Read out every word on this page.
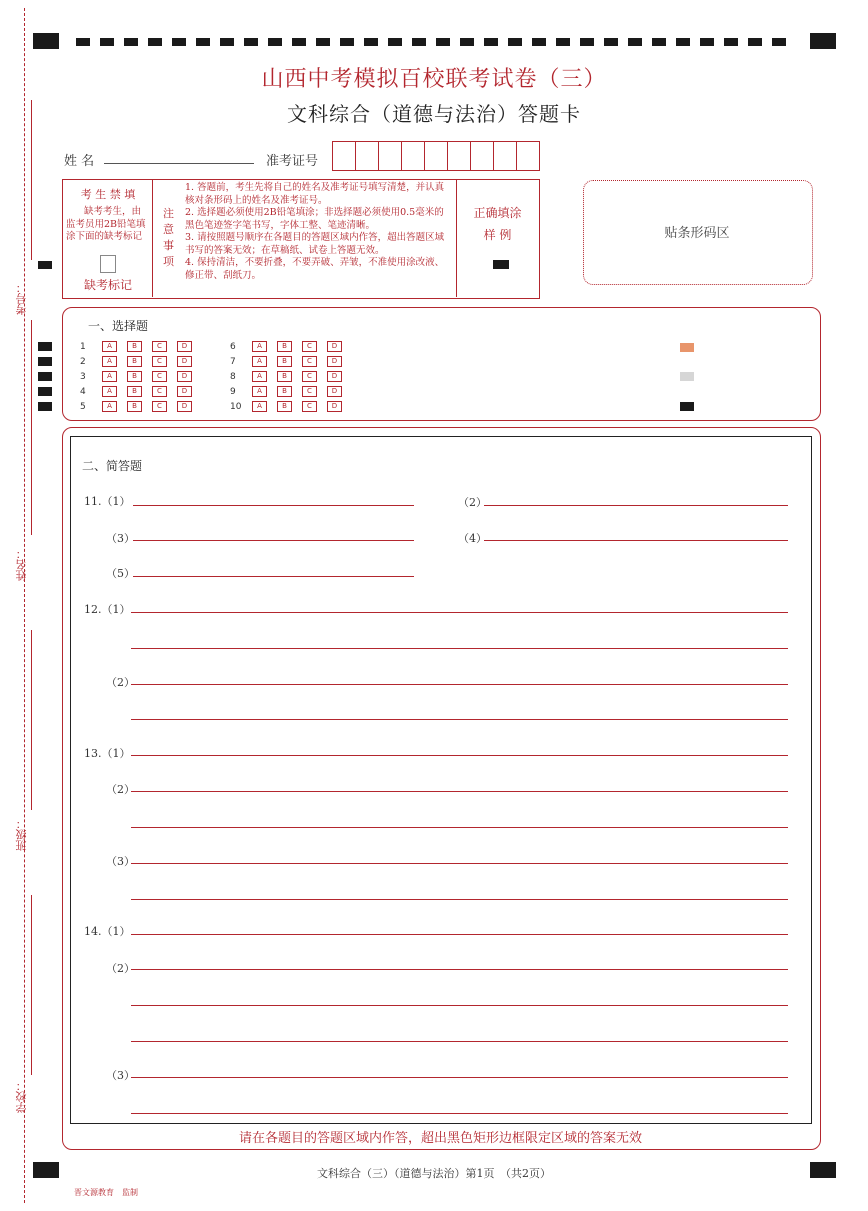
山西中考模拟百校联考试卷（三）
文科综合（道德与法治）答题卡
考号：
姓名：
班级：
学校：
姓 名	准考证号
考 生 禁 填
缺考考生，由监考员用2B铅笔填涂下面的缺考标记
缺考标记
注意事项
1. 答题前，考生先将自己的姓名及准考证号填写清楚，并认真核对条形码上的姓名及准考证号。
2. 选择题必须使用2B铅笔填涂；非选择题必须使用0.5毫米的黑色笔迹签字笔书写，字体工整、笔迹清晰。
3. 请按照题号顺序在各题目的答题区域内作答，超出答题区域书写的答案无效；在草稿纸、试卷上答题无效。
4. 保持清洁，不要折叠，不要弄破、弄皱，不准使用涂改液、修正带、刮纸刀。
正确填涂
样 例	贴条形码区
一、选择题
1	A	B	C	D
2	A	B	C	D
3	A	B	C	D
4	A	B	C	D
5	A	B	C	D
6	A	B	C	D
7	A	B	C	D
8	A	B	C	D
9	A	B	C	D
10 A	B	C	D
二、简答题
11.（1）	（2）
（3）	（4）
（5）
12.（1）
（2）
13.（1）
（2）
（3）
14.（1）
（2）
（3）
请在各题目的答题区域内作答，超出黑色矩形边框限定区域的答案无效
文科综合（三）（道德与法治）第1页　（共2页）
晋文源教育　监制
